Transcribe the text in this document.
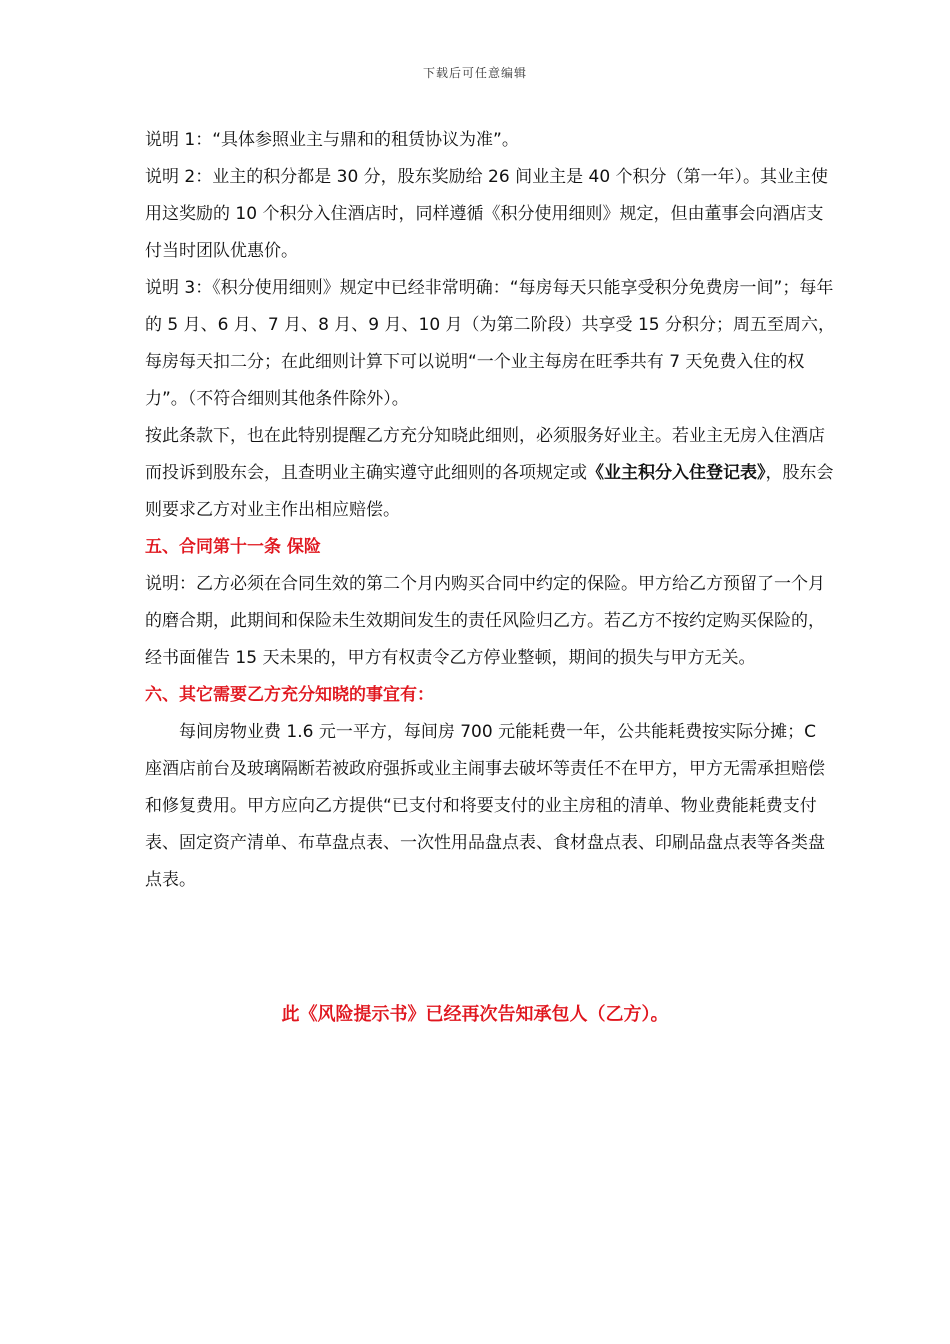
下载后可任意编辑

说明 1：“具体参照业主与鼎和的租赁协议为准”。

说明 2：业主的积分都是 30 分，股东奖励给 26 间业主是 40 个积分（第一年）。其业主使用这奖励的 10 个积分入住酒店时，同样遵循《积分使用细则》规定，但由董事会向酒店支付当时团队优惠价。

说明 3：《积分使用细则》规定中已经非常明确：“每房每天只能享受积分免费房一间”；每年的 5 月、6 月、7 月、8 月、9 月、10 月（为第二阶段）共享受 15 分积分；周五至周六，每房每天扣二分；在此细则计算下可以说明“一个业主每房在旺季共有 7 天免费入住的权力”。（不符合细则其他条件除外）。

按此条款下，也在此特别提醒乙方充分知晓此细则，必须服务好业主。若业主无房入住酒店而投诉到股东会，且查明业主确实遵守此细则的各项规定或《业主积分入住登记表》，股东会则要求乙方对业主作出相应赔偿。

五、合同第十一条 保险

说明：乙方必须在合同生效的第二个月内购买合同中约定的保险。甲方给乙方预留了一个月的磨合期，此期间和保险未生效期间发生的责任风险归乙方。若乙方不按约定购买保险的，经书面催告 15 天未果的，甲方有权责令乙方停业整顿，期间的损失与甲方无关。

六、其它需要乙方充分知晓的事宜有：

每间房物业费 1.6 元一平方，每间房 700 元能耗费一年，公共能耗费按实际分摊；C 座酒店前台及玻璃隔断若被政府强拆或业主闹事去破坏等责任不在甲方，甲方无需承担赔偿和修复费用。甲方应向乙方提供“已支付和将要支付的业主房租的清单、物业费能耗费支付表、固定资产清单、布草盘点表、一次性用品盘点表、食材盘点表、印刷品盘点表等各类盘点表。

此《风险提示书》已经再次告知承包人（乙方）。
